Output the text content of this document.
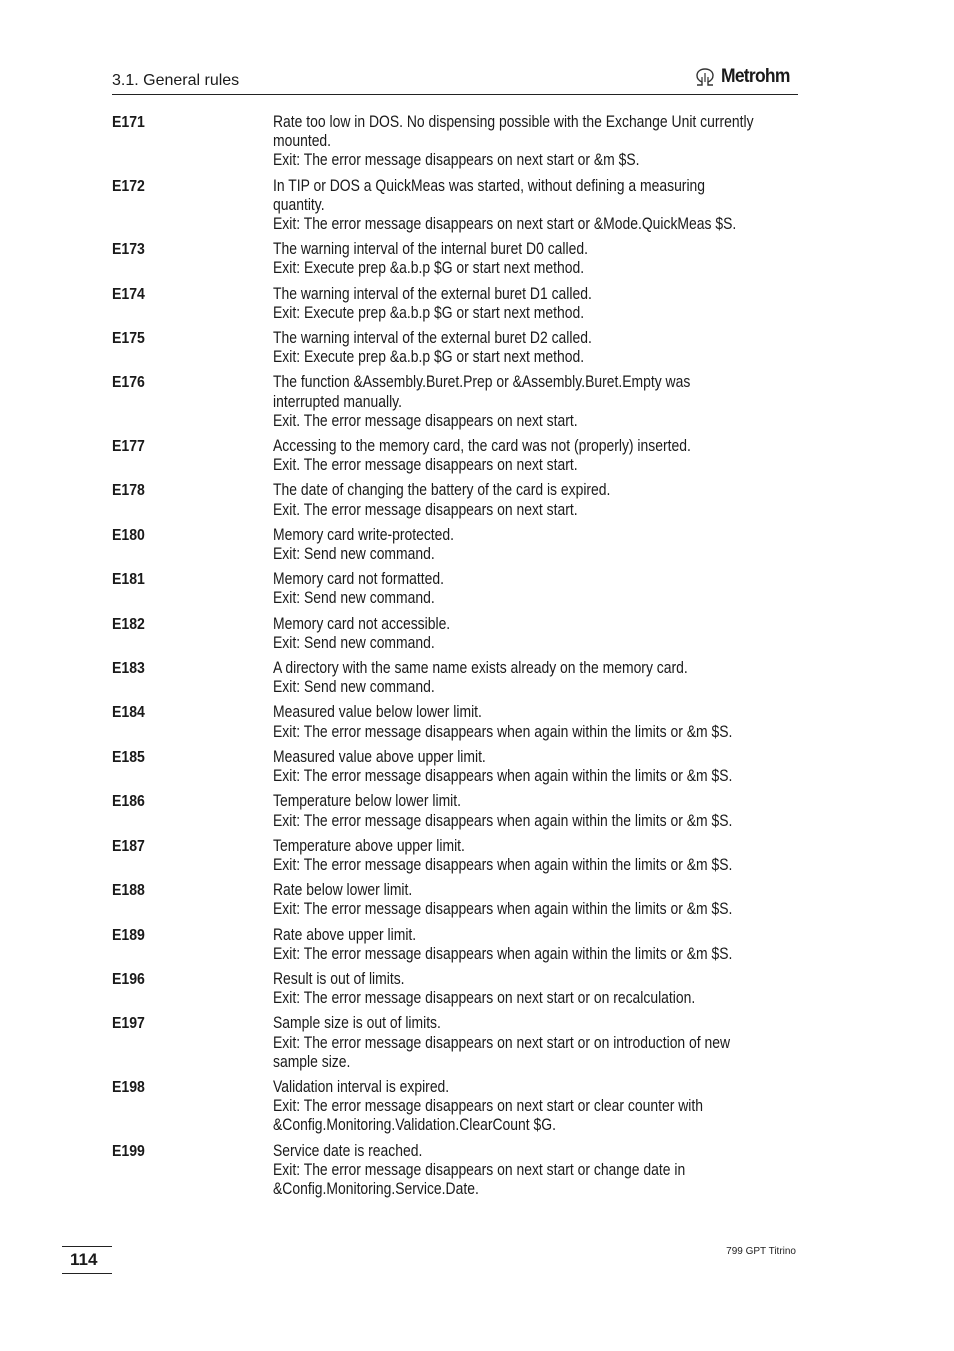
3.1. General rules	Metrohm
E171	Rate too low in DOS. No dispensing possible with the Exchange Unit currently
mounted.
Exit: The error message disappears on next start or &m $S.
E172	In TIP or DOS a QuickMeas was started, without defining a measuring
quantity.
Exit: The error message disappears on next start or &Mode.QuickMeas $S.
E173	The warning interval of the internal buret D0 called.
Exit: Execute prep &a.b.p $G or start next method.
E174	The warning interval of the external buret D1 called.
Exit: Execute prep &a.b.p $G or start next method.
E175	The warning interval of the external buret D2 called.
Exit: Execute prep &a.b.p $G or start next method.
E176	The function &Assembly.Buret.Prep or &Assembly.Buret.Empty was
interrupted manually.
Exit. The error message disappears on next start.
E177	Accessing to the memory card, the card was not (properly) inserted.
Exit. The error message disappears on next start.
E178	The date of changing the battery of the card is expired.
Exit. The error message disappears on next start.
E180	Memory card write-protected.
Exit: Send new command.
E181	Memory card not formatted.
Exit: Send new command.
E182	Memory card not accessible.
Exit: Send new command.
E183	A directory with the same name exists already on the memory card.
Exit: Send new command.
E184	Measured value below lower limit.
Exit: The error message disappears when again within the limits or &m $S.
E185	Measured value above upper limit.
Exit: The error message disappears when again within the limits or &m $S.
E186	Temperature below lower limit.
Exit: The error message disappears when again within the limits or &m $S.
E187	Temperature above upper limit.
Exit: The error message disappears when again within the limits or &m $S.
E188	Rate below lower limit.
Exit: The error message disappears when again within the limits or &m $S.
E189	Rate above upper limit.
Exit: The error message disappears when again within the limits or &m $S.
E196	Result is out of limits.
Exit: The error message disappears on next start or on recalculation.
E197	Sample size is out of limits.
Exit: The error message disappears on next start or on introduction of new
sample size.
E198	Validation interval is expired.
Exit: The error message disappears on next start or clear counter with
&Config.Monitoring.Validation.ClearCount $G.
E199	Service date is reached.
Exit: The error message disappears on next start or change date in
&Config.Monitoring.Service.Date.
114	799 GPT Titrino
